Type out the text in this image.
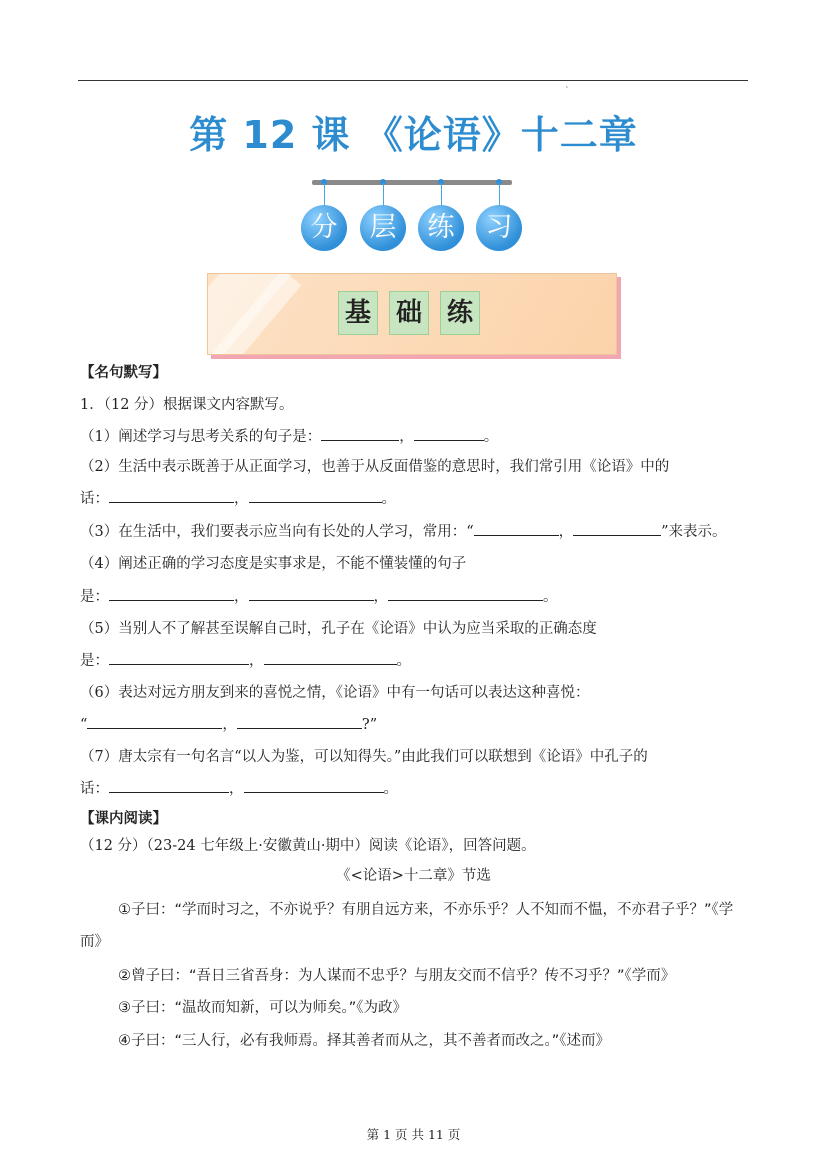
`
第 12 课 《论语》十二章
分	层	练	习
基 础 练
【名句默写】
1．（12 分）根据课文内容默写。
（1）阐述学习与思考关系的句子是：	，	。
（2）生活中表示既善于从正面学习，也善于从反面借鉴的意思时，我们常引用《论语》中的
话：	，	。
（3）在生活中，我们要表示应当向有长处的人学习，常用：“	，	”来表示。
（4）阐述正确的学习态度是实事求是，不能不懂装懂的句子
是：	，	，	。
（5）当别人不了解甚至误解自己时，孔子在《论语》中认为应当采取的正确态度
是：	，	。
（6）表达对远方朋友到来的喜悦之情，《论语》中有一句话可以表达这种喜悦：
“	，	?”
（7）唐太宗有一句名言“以人为鉴，可以知得失。”由此我们可以联想到《论语》中孔子的
话：	，	。
【课内阅读】
（12 分）（23-24 七年级上·安徽黄山·期中）阅读《论语》，回答问题。
《<论语>十二章》节选
①子曰：“学而时习之，不亦说乎？有朋自远方来，不亦乐乎？人不知而不愠，不亦君子乎？”《学
而》
②曾子曰：“吾日三省吾身：为人谋而不忠乎？与朋友交而不信乎？传不习乎？”《学而》
③子曰：“温故而知新，可以为师矣。”《为政》
④子曰：“三人行，必有我师焉。择其善者而从之，其不善者而改之。”《述而》
第 1 页 共 11 页
